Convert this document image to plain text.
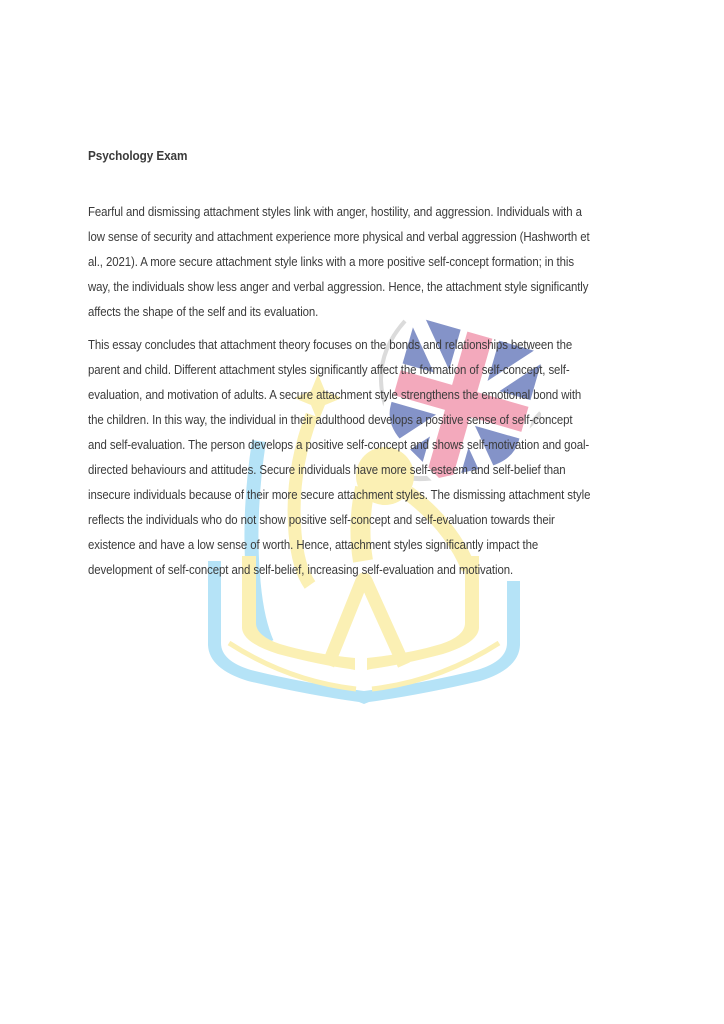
Psychology Exam
Fearful and dismissing attachment styles link with anger, hostility, and aggression. Individuals with a
low sense of security and attachment experience more physical and verbal aggression (Hashworth et
al., 2021). A more secure attachment style links with a more positive self-concept formation; in this
way, the individuals show less anger and verbal aggression. Hence, the attachment style significantly
affects the shape of the self and its evaluation.
This essay concludes that attachment theory focuses on the bonds and relationships between the
parent and child. Different attachment styles significantly affect the formation of self-concept, self-
evaluation, and motivation of adults. A secure attachment style strengthens the emotional bond with
the children. In this way, the individual in their adulthood develops a positive sense of self-concept
and self-evaluation. The person develops a positive self-concept and shows self-motivation and goal-
directed behaviours and attitudes. Secure individuals have more self-esteem and self-belief than
insecure individuals because of their more secure attachment styles. The dismissing attachment style
reflects the individuals who do not show positive self-concept and self-evaluation towards their
existence and have a low sense of worth. Hence, attachment styles significantly impact the
development of self-concept and self-belief, increasing self-evaluation and motivation.
